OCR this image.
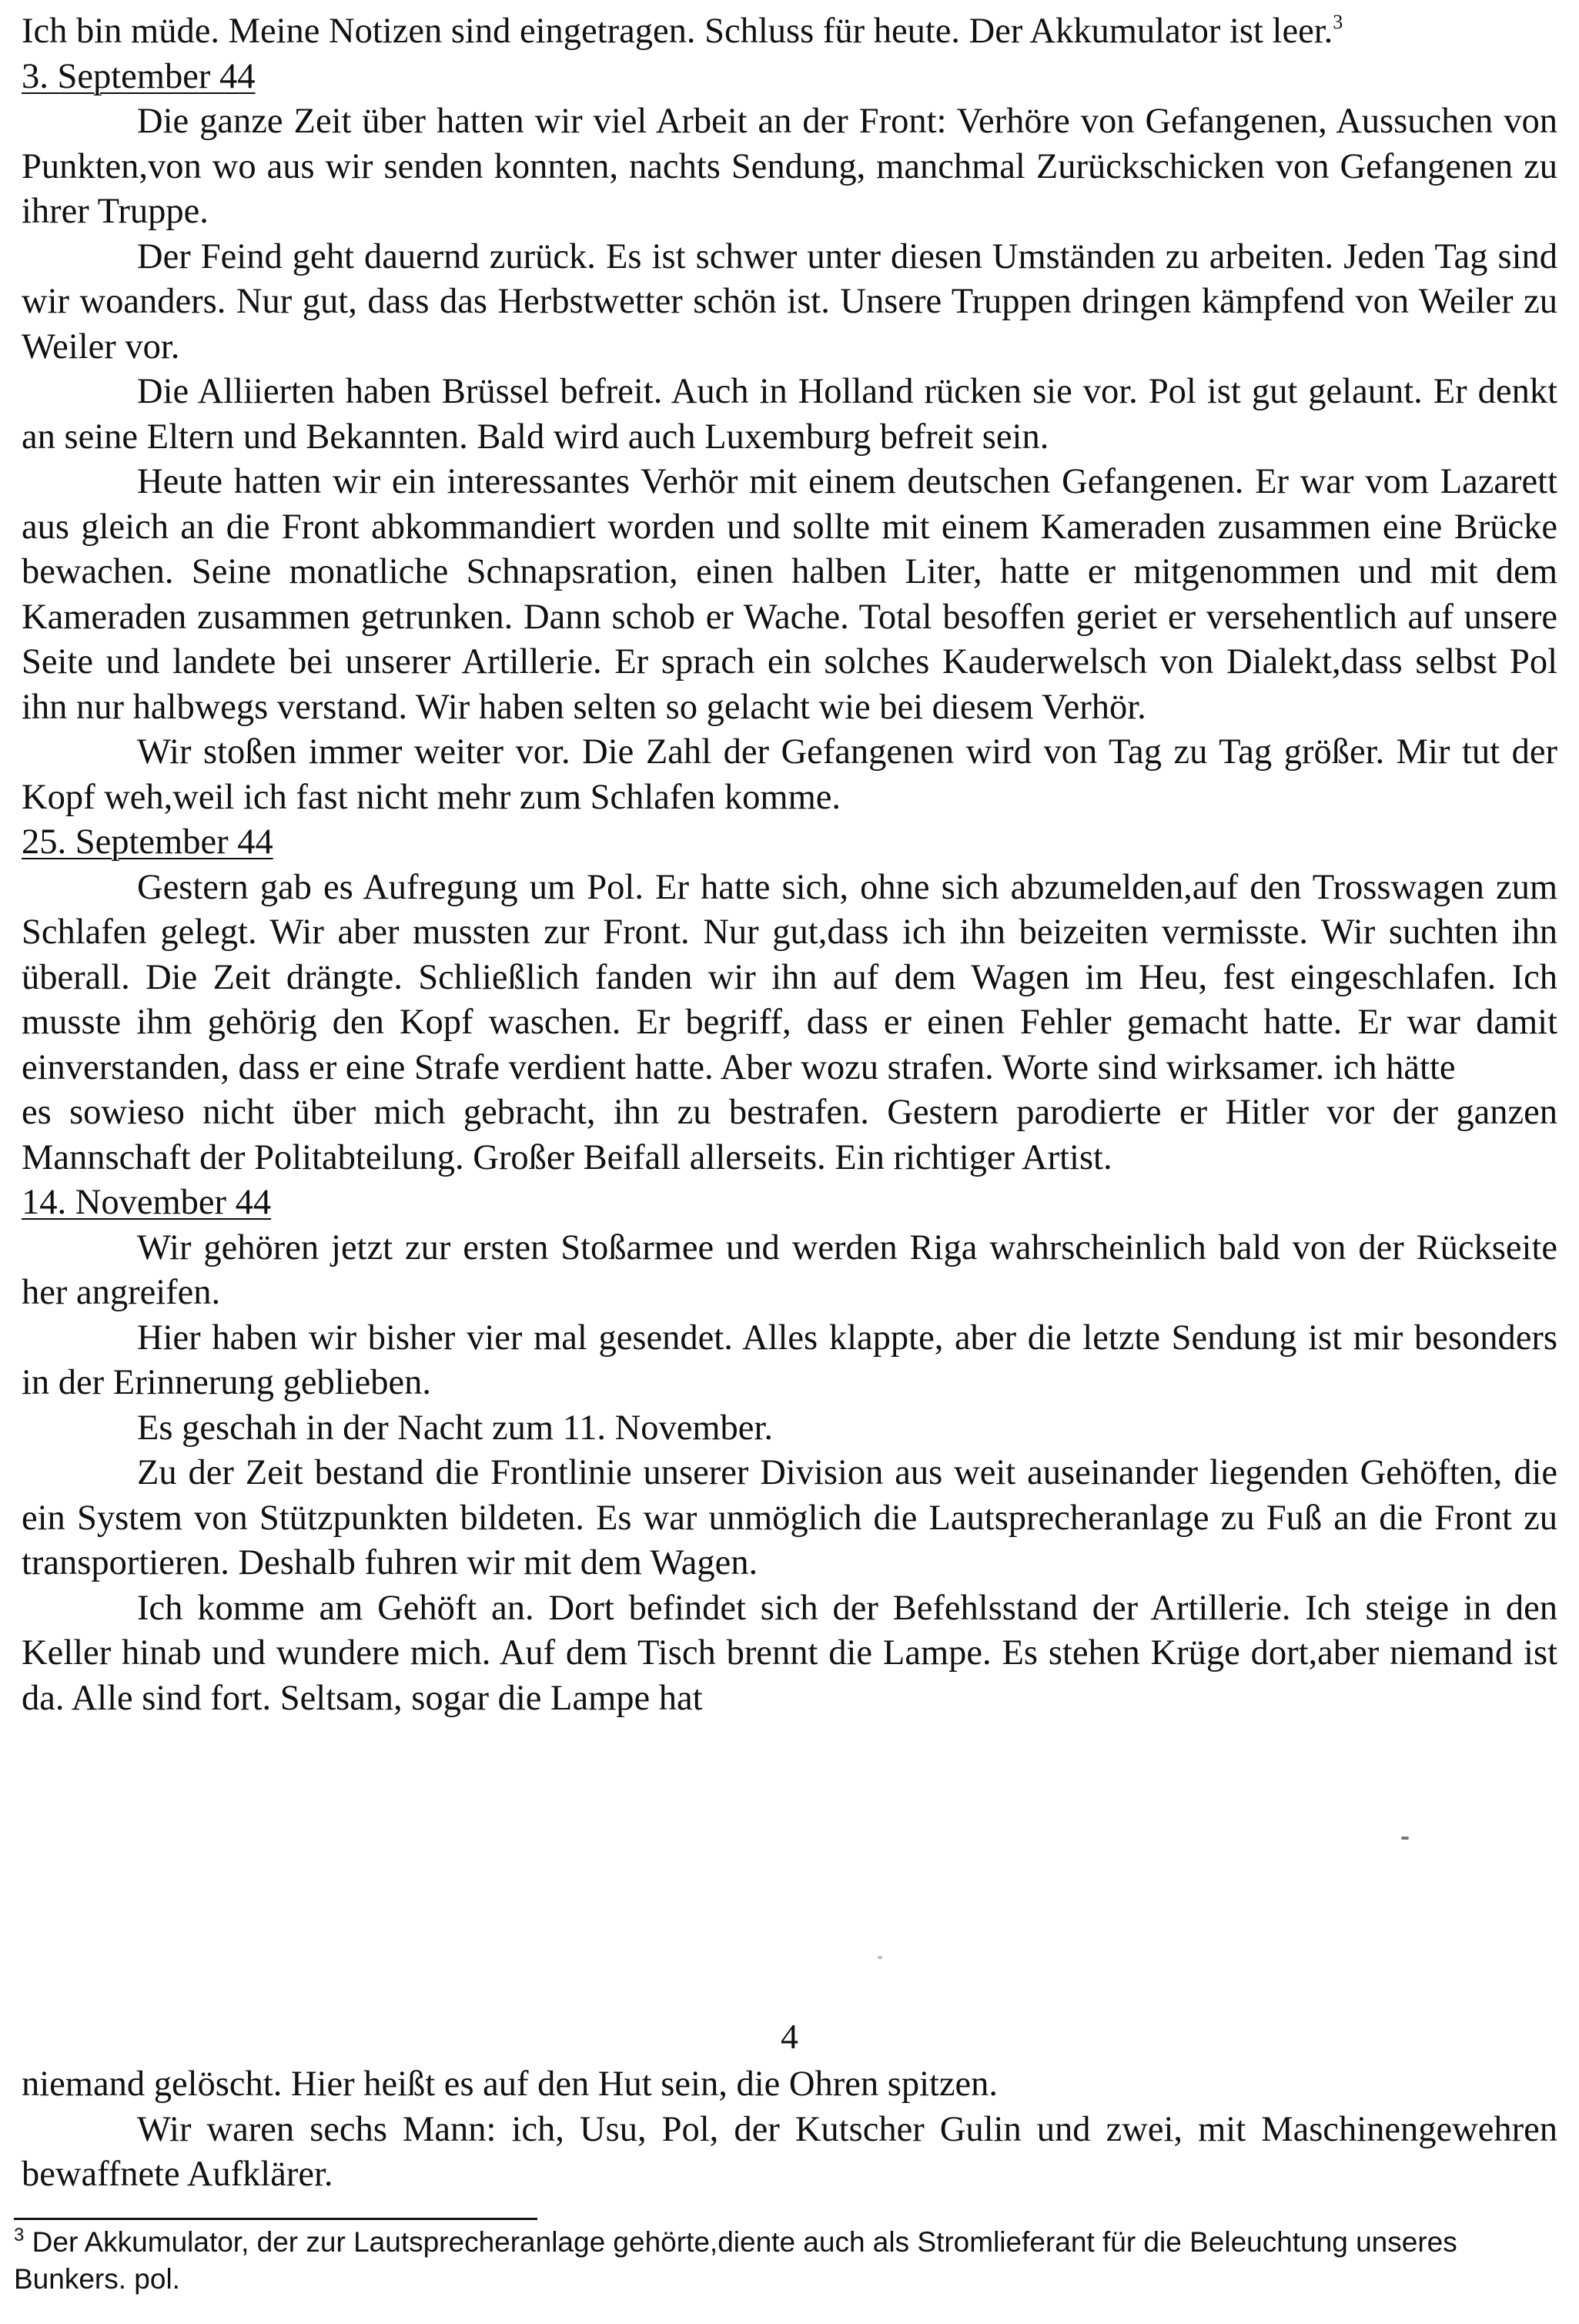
Ich bin müde. Meine Notizen sind eingetragen. Schluss für heute. Der Akkumulator ist leer.$^3$

3. September 44

Die ganze Zeit über hatten wir viel Arbeit an der Front: Verhöre von Gefangenen, Aussuchen von Punkten,von wo aus wir senden konnten, nachts Sendung, manchmal Zurückschicken von Gefangenen zu ihrer Truppe.

Der Feind geht dauernd zurück. Es ist schwer unter diesen Umständen zu arbeiten. Jeden Tag sind wir woanders. Nur gut, dass das Herbstwetter schön ist. Unsere Truppen dringen kämpfend von Weiler zu Weiler vor.

Die Alliierten haben Brüssel befreit. Auch in Holland rücken sie vor. Pol ist gut gelaunt. Er denkt an seine Eltern und Bekannten. Bald wird auch Luxemburg befreit sein.

Heute hatten wir ein interessantes Verhör mit einem deutschen Gefangenen. Er war vom Lazarett aus gleich an die Front abkommandiert worden und sollte mit einem Kameraden zusammen eine Brücke bewachen. Seine monatliche Schnapsration, einen halben Liter, hatte er mitgenommen und mit dem Kameraden zusammen getrunken. Dann schob er Wache. Total besoffen geriet er versehentlich auf unsere Seite und landete bei unserer Artillerie. Er sprach ein solches Kauderwelsch von Dialekt,dass selbst Pol ihn nur halbwegs verstand. Wir haben selten so gelacht wie bei diesem Verhör.

Wir stoßen immer weiter vor. Die Zahl der Gefangenen wird von Tag zu Tag größer. Mir tut der Kopf weh,weil ich fast nicht mehr zum Schlafen komme.

25. September 44

Gestern gab es Aufregung um Pol. Er hatte sich, ohne sich abzumelden,auf den Trosswagen zum Schlafen gelegt. Wir aber mussten zur Front. Nur gut,dass ich ihn beizeiten vermisste. Wir suchten ihn überall. Die Zeit drängte. Schließlich fanden wir ihn auf dem Wagen im Heu, fest eingeschlafen. Ich musste ihm gehörig den Kopf waschen. Er begriff, dass er einen Fehler gemacht hatte. Er war damit einverstanden, dass er eine Strafe verdient hatte. Aber wozu strafen. Worte sind wirksamer. ich hätte

es sowieso nicht über mich gebracht, ihn zu bestrafen. Gestern parodierte er Hitler vor der ganzen Mannschaft der Politabteilung. Großer Beifall allerseits. Ein richtiger Artist.

14. November 44

Wir gehören jetzt zur ersten Stoßarmee und werden Riga wahrscheinlich bald von der Rückseite her angreifen.

Hier haben wir bisher vier mal gesendet. Alles klappte, aber die letzte Sendung ist mir besonders in der Erinnerung geblieben.

Es geschah in der Nacht zum 11. November.

Zu der Zeit bestand die Frontlinie unserer Division aus weit auseinander liegenden Gehöften, die ein System von Stützpunkten bildeten. Es war unmöglich die Lautsprecheranlage zu Fuß an die Front zu transportieren. Deshalb fuhren wir mit dem Wagen.

Ich komme am Gehöft an. Dort befindet sich der Befehlsstand der Artillerie. Ich steige in den Keller hinab und wundere mich. Auf dem Tisch brennt die Lampe. Es stehen Krüge dort,aber niemand ist da. Alle sind fort. Seltsam, sogar die Lampe hat

4

niemand gelöscht. Hier heißt es auf den Hut sein, die Ohren spitzen.

Wir waren sechs Mann: ich, Usu, Pol, der Kutscher Gulin und zwei, mit Maschinengewehren bewaffnete Aufklärer.

$^3$ Der Akkumulator, der zur Lautsprecheranlage gehörte,diente auch als Stromlieferant für die Beleuchtung unseres Bunkers. pol.
